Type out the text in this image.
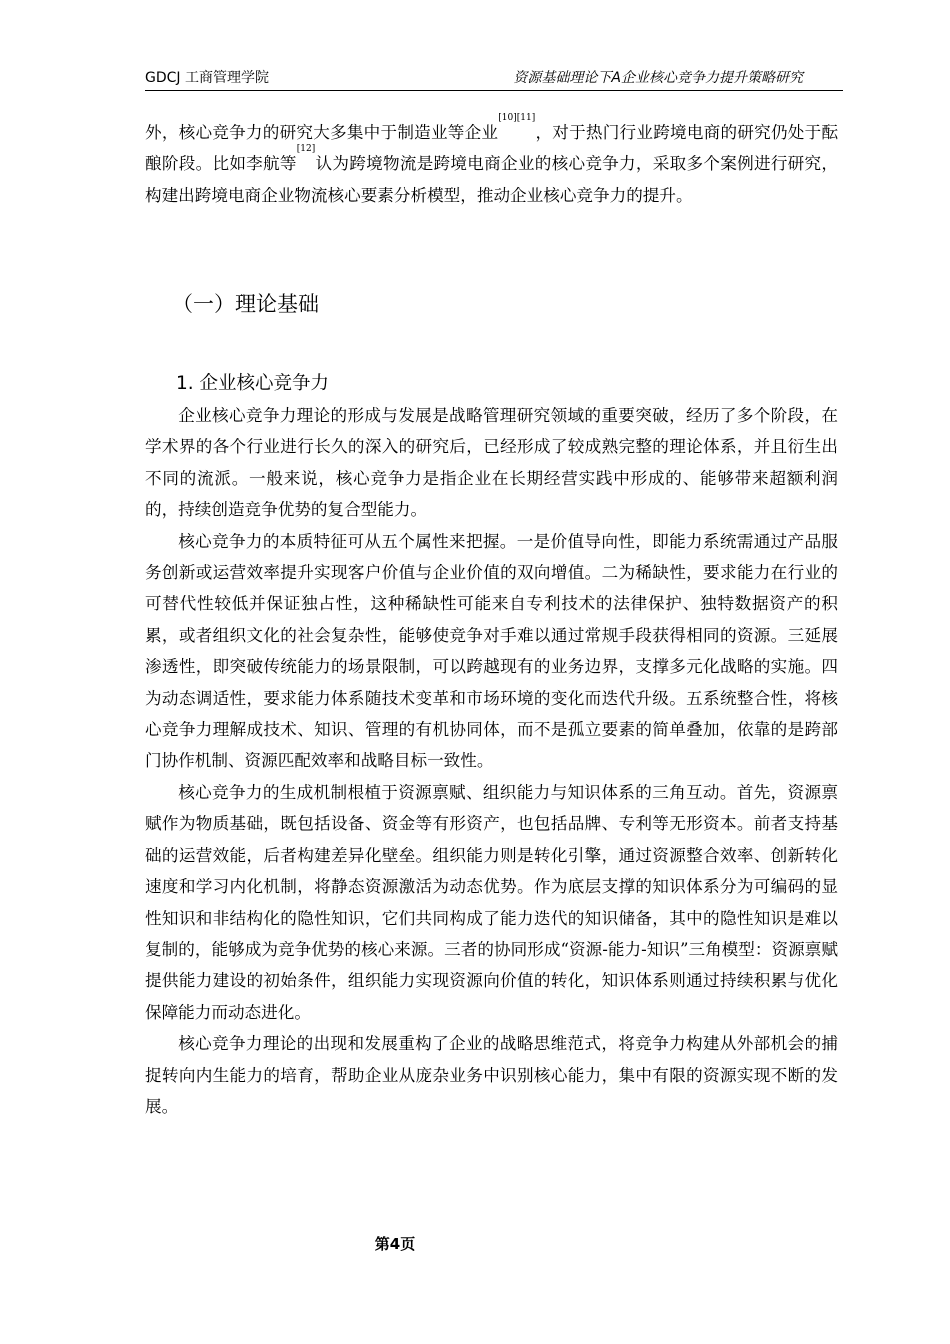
GDCJ 工商管理学院	资源基础理论下A企业核心竞争力提升策略研究

外，核心竞争力的研究大多集中于制造业等企业[10][11]，对于热门行业跨境电商的研究仍处于酝酿阶段。比如李航等[12]认为跨境物流是跨境电商企业的核心竞争力，采取多个案例进行研究，构建出跨境电商企业物流核心要素分析模型，推动企业核心竞争力的提升。

（一）理论基础
1. 企业核心竞争力

企业核心竞争力理论的形成与发展是战略管理研究领域的重要突破，经历了多个阶段，在学术界的各个行业进行长久的深入的研究后，已经形成了较成熟完整的理论体系，并且衍生出不同的流派。一般来说，核心竞争力是指企业在长期经营实践中形成的、能够带来超额利润的，持续创造竞争优势的复合型能力。

核心竞争力的本质特征可从五个属性来把握。一是价值导向性，即能力系统需通过产品服务创新或运营效率提升实现客户价值与企业价值的双向增值。二为稀缺性，要求能力在行业的可替代性较低并保证独占性，这种稀缺性可能来自专利技术的法律保护、独特数据资产的积累，或者组织文化的社会复杂性，能够使竞争对手难以通过常规手段获得相同的资源。三延展渗透性，即突破传统能力的场景限制，可以跨越现有的业务边界，支撑多元化战略的实施。四为动态调适性，要求能力体系随技术变革和市场环境的变化而迭代升级。五系统整合性，将核心竞争力理解成技术、知识、管理的有机协同体，而不是孤立要素的简单叠加，依靠的是跨部门协作机制、资源匹配效率和战略目标一致性。

核心竞争力的生成机制根植于资源禀赋、组织能力与知识体系的三角互动。首先，资源禀赋作为物质基础，既包括设备、资金等有形资产，也包括品牌、专利等无形资本。前者支持基础的运营效能，后者构建差异化壁垒。组织能力则是转化引擎，通过资源整合效率、创新转化速度和学习内化机制，将静态资源激活为动态优势。作为底层支撑的知识体系分为可编码的显性知识和非结构化的隐性知识，它们共同构成了能力迭代的知识储备，其中的隐性知识是难以复制的，能够成为竞争优势的核心来源。三者的协同形成“资源-能力-知识”三角模型：资源禀赋提供能力建设的初始条件，组织能力实现资源向价值的转化，知识体系则通过持续积累与优化保障能力而动态进化。

核心竞争力理论的出现和发展重构了企业的战略思维范式，将竞争力构建从外部机会的捕捉转向内生能力的培育，帮助企业从庞杂业务中识别核心能力，集中有限的资源实现不断的发展。

第4页
